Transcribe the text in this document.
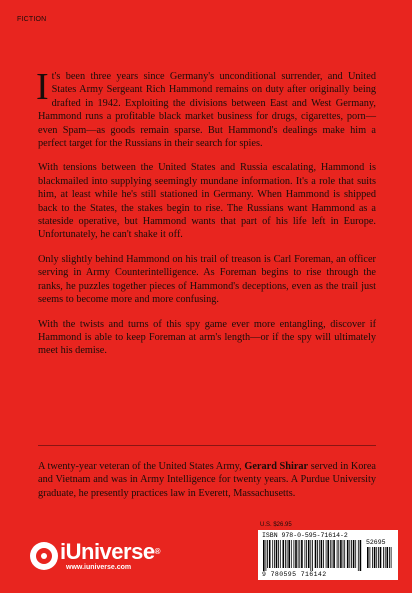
FICTION

It's been three years since Germany's unconditional surrender, and United States Army Sergeant Rich Hammond remains on duty after originally being drafted in 1942. Exploiting the divisions between East and West Germany, Hammond runs a profitable black market business for drugs, cigarettes, porn—even Spam—as goods remain sparse. But Hammond's dealings make him a perfect target for the Russians in their search for spies.

With tensions between the United States and Russia escalating, Hammond is blackmailed into supplying seemingly mundane information. It's a role that suits him, at least while he's still stationed in Germany. When Hammond is shipped back to the States, the stakes begin to rise. The Russians want Hammond as a stateside operative, but Hammond wants that part of his life left in Europe. Unfortunately, he can't shake it off.

Only slightly behind Hammond on his trail of treason is Carl Foreman, an officer serving in Army Counterintelligence. As Foreman begins to rise through the ranks, he puzzles together pieces of Hammond's deceptions, even as the trail just seems to become more and more confusing.

With the twists and turns of this spy game ever more entangling, discover if Hammond is able to keep Foreman at arm's length—or if the spy will ultimately meet his demise.

A twenty-year veteran of the United States Army, Gerard Shirar served in Korea and Vietnam and was in Army Intelligence for twenty years. A Purdue University graduate, he presently practices law in Everett, Massachusetts.

iUniverse®
www.iuniverse.com
U.S. $26.95
ISBN 978-0-595-71614-2
52695
9 780595 716142
